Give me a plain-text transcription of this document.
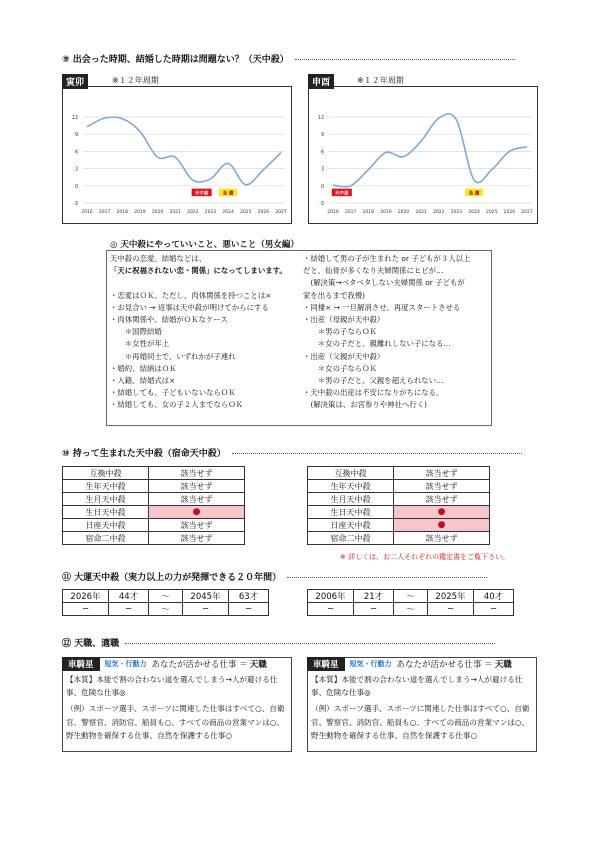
⑨ 出会った時期、結婚した時期は問題ない？（天中殺）
12
9
6
3
0
-3
2016 2017 2018 2019 2020 2021 2022 2023 2024 2025 2026 2027
天中殺	急 騰
寅卯	※１２年周期
12
9
6
3
0
-3
2016 2017 2018 2019 2020 2021 2022 2023 2024 2025 2026 2027
天中殺	急 騰
申酉	※１２年周期
◎ 天中殺にやっていいこと、悪いこと（男女編）
天中殺の恋愛、結婚などは、
「天に祝福されない恋・関係」になってしまいます。

・恋愛はＯＫ。ただし、肉体関係を持つことは×
・お見合い → 返事は天中殺が明けてからにする
・肉体関係や、結婚がＯＫなケース
　　＊国際結婚
　　＊女性が年上
　　＊再婚同士で、いずれかが子連れ
・婚約、結納はＯＫ
・入籍、結婚式は×
・結婚しても、子どもいないならＯＫ
・結婚しても、女の子２人までならＯＫ
・結婚して男の子が生まれた or 子どもが３人以上
だと、仙骨が多くなり夫婦関係にヒビが…
　(解決策→ベタベタしない夫婦関係 or 子どもが
家を出るまで我慢)
・同棲× → 一旦解消させ、再度スタートさせる
・出産（母親が天中殺）
　　＊男の子ならＯＫ
　　＊女の子だと、親離れしない子になる…
・出産（父親が天中殺）
　　＊女の子ならＯＫ
　　＊男の子だと、父親を超えられない…
・天中殺の出産は不安になりがちになる。
　(解決策は、お宮参りや神社へ行く)
⑩ 持って生まれた天中殺（宿命天中殺）
互換中殺	該当せず
生年天中殺	該当せず
生月天中殺	該当せず
生日天中殺	●
日座天中殺	該当せず
宿命二中殺	該当せず
互換中殺	該当せず
生年天中殺	該当せず
生月天中殺	該当せず
生日天中殺	●
日座天中殺	●
宿命二中殺	該当せず
※ 詳しくは、お二人それぞれの鑑定書をご覧下さい。
⑪ 大運天中殺（実力以上の力が発揮できる２０年間）
2026年	44才	〜	2045年	63才
−	−	〜	−	−
2006年	21才	〜	2025年	40才
−	−	〜	−	−
⑫ 天職、適職
車騎星	短気・行動力 あなたが活かせる仕事 ＝ 天職

【本質】本能で割の合わない道を選んでしまう→人が避ける仕事、危険な仕事◎

（例）スポーツ選手、スポーツに関連した仕事はすべて○、自衛官、警察官、消防官、船員も○、すべての商品の営業マンは○、野生動物を確保する仕事、自然を保護する仕事○

車騎星	短気・行動力 あなたが活かせる仕事 ＝ 天職

【本質】本能で割の合わない道を選んでしまう→人が避ける仕事、危険な仕事◎

（例）スポーツ選手、スポーツに関連した仕事はすべて○、自衛官、警察官、消防官、船員も○、すべての商品の営業マンは○、野生動物を確保する仕事、自然を保護する仕事○
